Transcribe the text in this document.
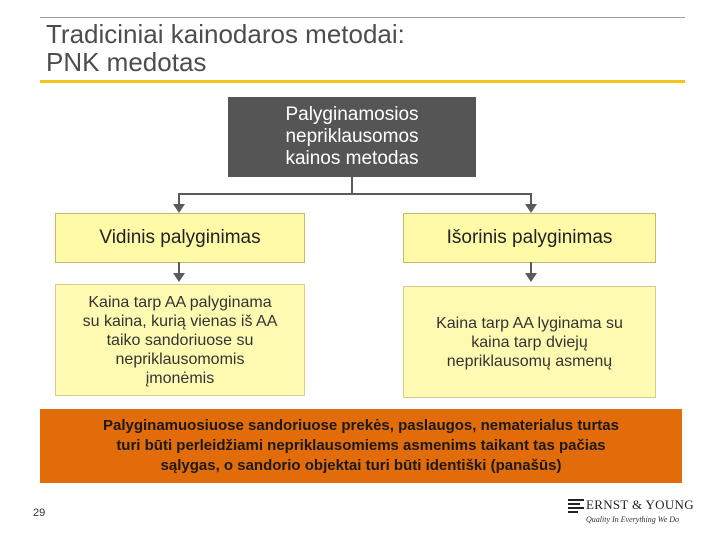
Tradiciniai kainodaros metodai:
PNK medotas
Palyginamosios
nepriklausomos
kainos metodas
Vidinis palyginimas	Išorinis palyginimas
Kaina tarp AA palyginama
su kaina, kurią vienas iš AA
taiko sandoriuose su
nepriklausomomis
įmonėmis
Kaina tarp AA lyginama su
kaina tarp dviejų
nepriklausomų asmenų
Palyginamuosiuose sandoriuose prekės, paslaugos, nematerialus turtas
turi būti perleidžiami nepriklausomiems asmenims taikant tas pačias
sąlygas, o sandorio objektai turi būti identiški (panašūs)
29
ERNST & YOUNG
Quality In Everything We Do
